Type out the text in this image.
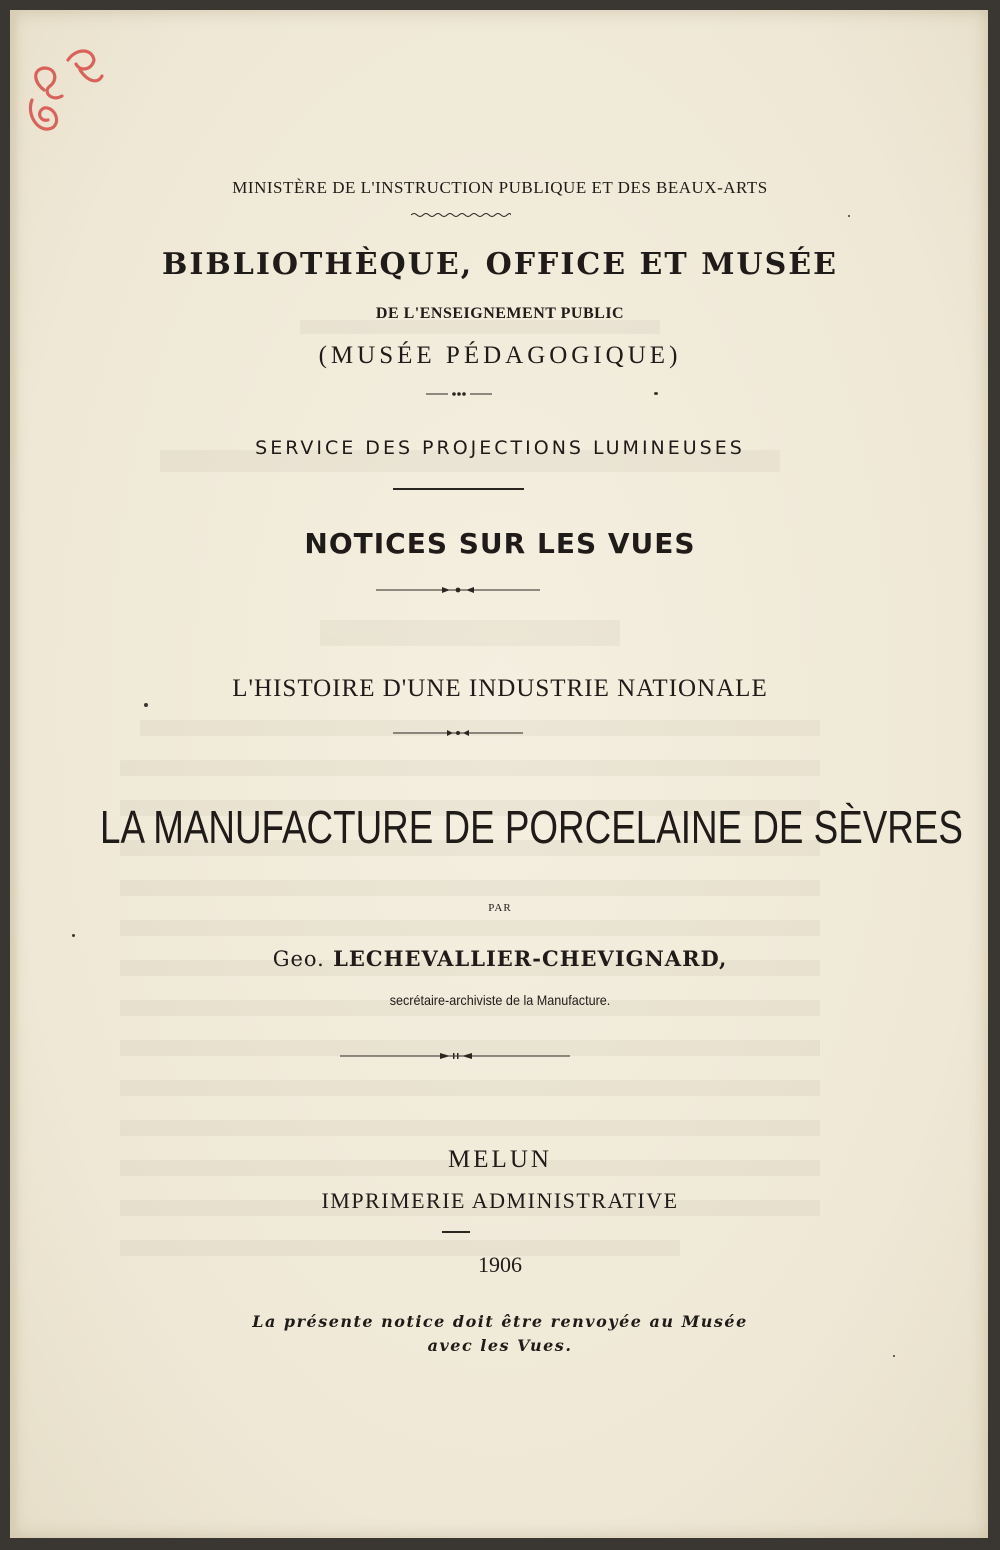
MINISTÈRE DE L'INSTRUCTION PUBLIQUE ET DES BEAUX-ARTS
BIBLIOTHÈQUE, OFFICE ET MUSÉE
DE L'ENSEIGNEMENT PUBLIC
(MUSÉE PÉDAGOGIQUE)
SERVICE DES PROJECTIONS LUMINEUSES
NOTICES SUR LES VUES
L'HISTOIRE D'UNE INDUSTRIE NATIONALE
LA MANUFACTURE DE PORCELAINE DE SÈVRES
PAR
Geo. LECHEVALLIER-CHEVIGNARD,
secrétaire-archiviste de la Manufacture.
MELUN
IMPRIMERIE ADMINISTRATIVE
1906
La présente notice doit être renvoyée au Musée
avec les Vues.
